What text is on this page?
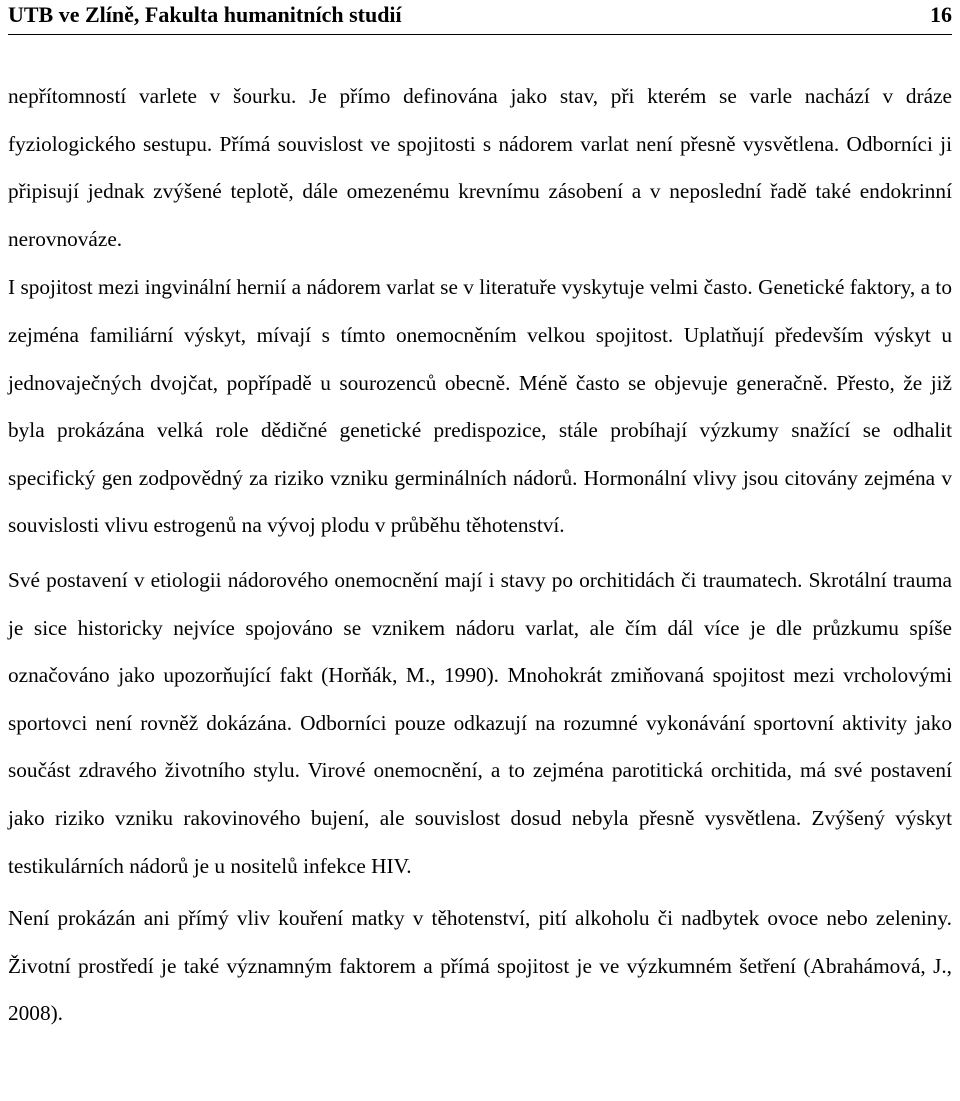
UTB ve Zlíně, Fakulta humanitních studií	16

nepřítomností varlete v šourku. Je přímo definována jako stav, při kterém se varle nachází v dráze fyziologického sestupu. Přímá souvislost ve spojitosti s nádorem varlat není přesně vysvětlena. Odborníci ji připisují jednak zvýšené teplotě, dále omezenému krevnímu zásobení a v neposlední řadě také endokrinní nerovnováze.

I spojitost mezi ingvinální hernií a nádorem varlat se v literatuře vyskytuje velmi často. Genetické faktory, a to zejména familiární výskyt, mívají s tímto onemocněním velkou spojitost. Uplatňují především výskyt u jednovaječných dvojčat, popřípadě u sourozenců obecně. Méně často se objevuje generačně. Přesto, že již byla prokázána velká role dědičné genetické predispozice, stále probíhají výzkumy snažící se odhalit specifický gen zodpovědný za riziko vzniku germinálních nádorů. Hormonální vlivy jsou citovány zejména v souvislosti vlivu estrogenů na vývoj plodu v průběhu těhotenství.

Své postavení v etiologii nádorového onemocnění mají i stavy po orchitidách či traumatech. Skrotální trauma je sice historicky nejvíce spojováno se vznikem nádoru varlat, ale čím dál více je dle průzkumu spíše označováno jako upozorňující fakt (Horňák, M., 1990). Mnohokrát zmiňovaná spojitost mezi vrcholovými sportovci není rovněž dokázána. Odborníci pouze odkazují na rozumné vykonávání sportovní aktivity jako součást zdravého životního stylu. Virové onemocnění, a to zejména parotitická orchitida, má své postavení jako riziko vzniku rakovinového bujení, ale souvislost dosud nebyla přesně vysvětlena. Zvýšený výskyt testikulárních nádorů je u nositelů infekce HIV.

Není prokázán ani přímý vliv kouření matky v těhotenství, pití alkoholu či nadbytek ovoce nebo zeleniny. Životní prostředí je také významným faktorem a přímá spojitost je ve výzkumném šetření (Abrahámová, J., 2008).
